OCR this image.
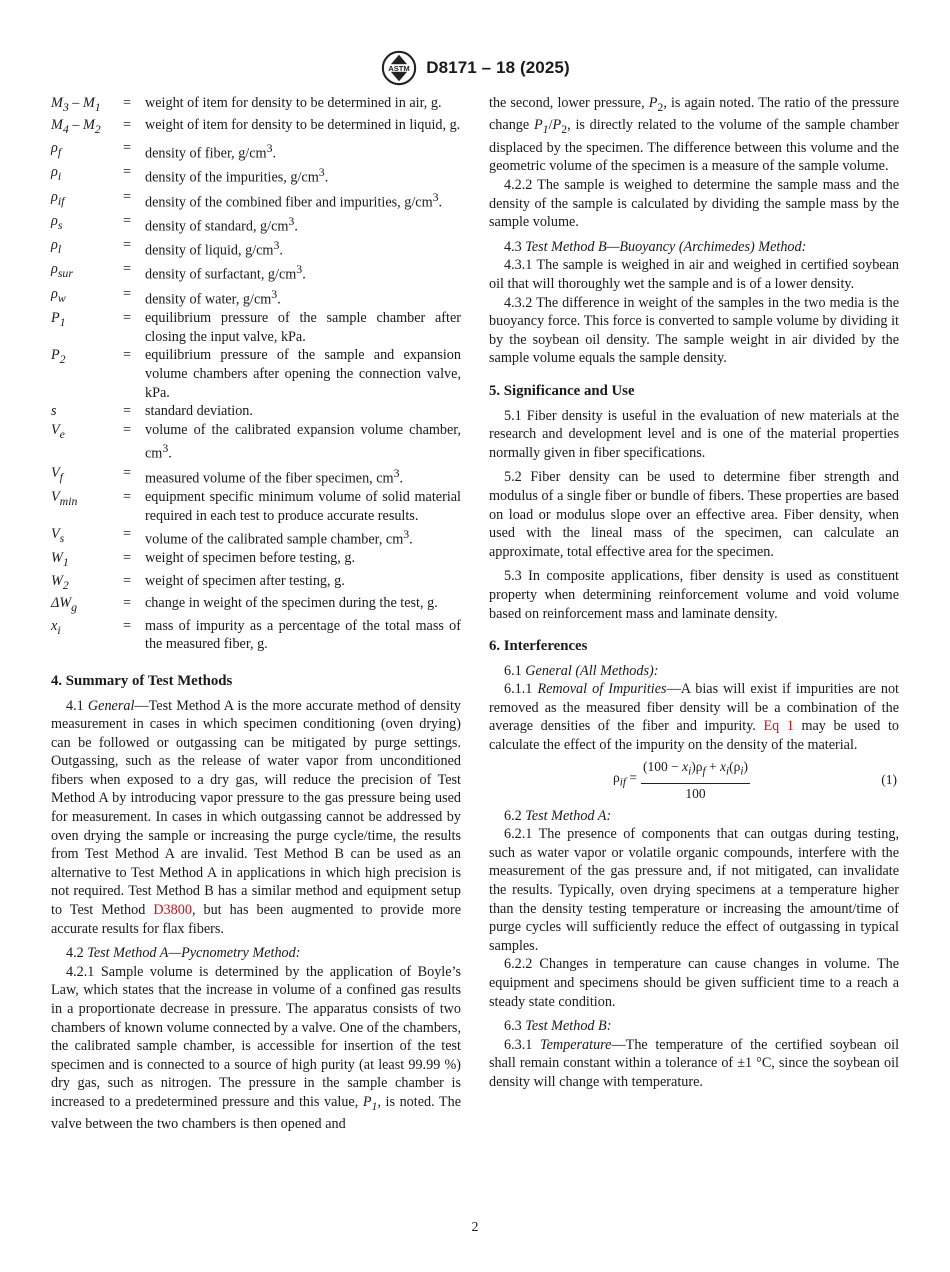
ASTM D8171 – 18 (2025)
$M_3 - M_1$	= weight of item for density to be determined in air, g.
$M_4 - M_2$	= weight of item for density to be determined in liquid, g.
$\rho_f$	= density of fiber, $g/cm^3$.
$\rho_i$	= density of the impurities, $g/cm^3$.
$\rho_{if}$	= density of the combined fiber and impurities, $g/cm^3$.
$\rho_s$	= density of standard, $g/cm^3$.
$\rho_l$	= density of liquid, $g/cm^3$.
$\rho_{sur}$	= density of surfactant, $g/cm^3$.
$\rho_w$	= density of water, $g/cm^3$.
$P_1$	= equilibrium pressure of the sample chamber after closing the input valve, kPa.
$P_2$	= equilibrium pressure of the sample and expansion volume chambers after opening the connection valve, kPa.
s	= standard deviation.
$V_e$	= volume of the calibrated expansion volume chamber, $cm^3$.
$V_f$	= measured volume of the fiber specimen, $cm^3$.
$V_{min}$	= equipment specific minimum volume of solid material required in each test to produce accurate results.
$V_s$	= volume of the calibrated sample chamber, $cm^3$.
$W_1$	= weight of specimen before testing, g.
$W_2$	= weight of specimen after testing, g.
$\Delta W_g$	= change in weight of the specimen during the test, g.
$x_i$	= mass of impurity as a percentage of the total mass of the measured fiber, g.
4. Summary of Test Methods

4.1 General—Test Method A is the more accurate method of density measurement in cases in which specimen conditioning (oven drying) can be followed or outgassing can be mitigated by purge settings. Outgassing, such as the release of water vapor from unconditioned fibers when exposed to a dry gas, will reduce the precision of Test Method A by introducing vapor pressure to the gas pressure being used for measurement. In cases in which outgassing cannot be addressed by oven drying the sample or increasing the purge cycle/time, the results from Test Method A are invalid. Test Method B can be used as an alternative to Test Method A in applications in which high precision is not required. Test Method B has a similar method and equipment setup to Test Method D3800, but has been augmented to provide more accurate results for flax fibers.

4.2 Test Method A—Pycnometry Method:

4.2.1 Sample volume is determined by the application of Boyle’s Law, which states that the increase in volume of a confined gas results in a proportionate decrease in pressure. The apparatus consists of two chambers of known volume connected by a valve. One of the chambers, the calibrated sample chamber, is accessible for insertion of the test specimen and is connected to a source of high purity (at least 99.99 %) dry gas, such as nitrogen. The pressure in the sample chamber is increased to a predetermined pressure and this value, $P_1$, is noted. The valve between the two chambers is then opened and

the second, lower pressure, $P_2$, is again noted. The ratio of the pressure change $P_1/P_2$, is directly related to the volume of the sample chamber displaced by the specimen. The difference between this volume and the geometric volume of the specimen is a measure of the sample volume.

4.2.2 The sample is weighed to determine the sample mass and the density of the sample is calculated by dividing the sample mass by the sample volume.

4.3 Test Method B—Buoyancy (Archimedes) Method:

4.3.1 The sample is weighed in air and weighed in certified soybean oil that will thoroughly wet the sample and is of a lower density.

4.3.2 The difference in weight of the samples in the two media is the buoyancy force. This force is converted to sample volume by dividing it by the soybean oil density. The sample weight in air divided by the sample volume equals the sample density.

5. Significance and Use

5.1 Fiber density is useful in the evaluation of new materials at the research and development level and is one of the material properties normally given in fiber specifications.

5.2 Fiber density can be used to determine fiber strength and modulus of a single fiber or bundle of fibers. These properties are based on load or modulus slope over an effective area. Fiber density, when used with the lineal mass of the specimen, can calculate an approximate, total effective area for the specimen.

5.3 In composite applications, fiber density is used as constituent property when determining reinforcement volume and void volume based on reinforcement mass and laminate density.

6. Interferences

6.1 General (All Methods):

6.1.1 Removal of Impurities—A bias will exist if impurities are not removed as the measured fiber density will be a combination of the average densities of the fiber and impurity. Eq 1 may be used to calculate the effect of the impurity on the density of the material.

$\rho_{if} = \frac{(100 - x_i)\rho_f + x_i(\rho_i)}{100}$	(1)

6.2 Test Method A:

6.2.1 The presence of components that can outgas during testing, such as water vapor or volatile organic compounds, interfere with the measurement of the gas pressure and, if not mitigated, can invalidate the results. Typically, oven drying specimens at a temperature higher than the density testing temperature or increasing the amount/time of purge cycles will sufficiently reduce the effect of outgassing in typical samples.

6.2.2 Changes in temperature can cause changes in volume. The equipment and specimens should be given sufficient time to a reach a steady state condition.

6.3 Test Method B:

6.3.1 Temperature—The temperature of the certified soybean oil shall remain constant within a tolerance of ±1 °C, since the soybean oil density will change with temperature.

2
